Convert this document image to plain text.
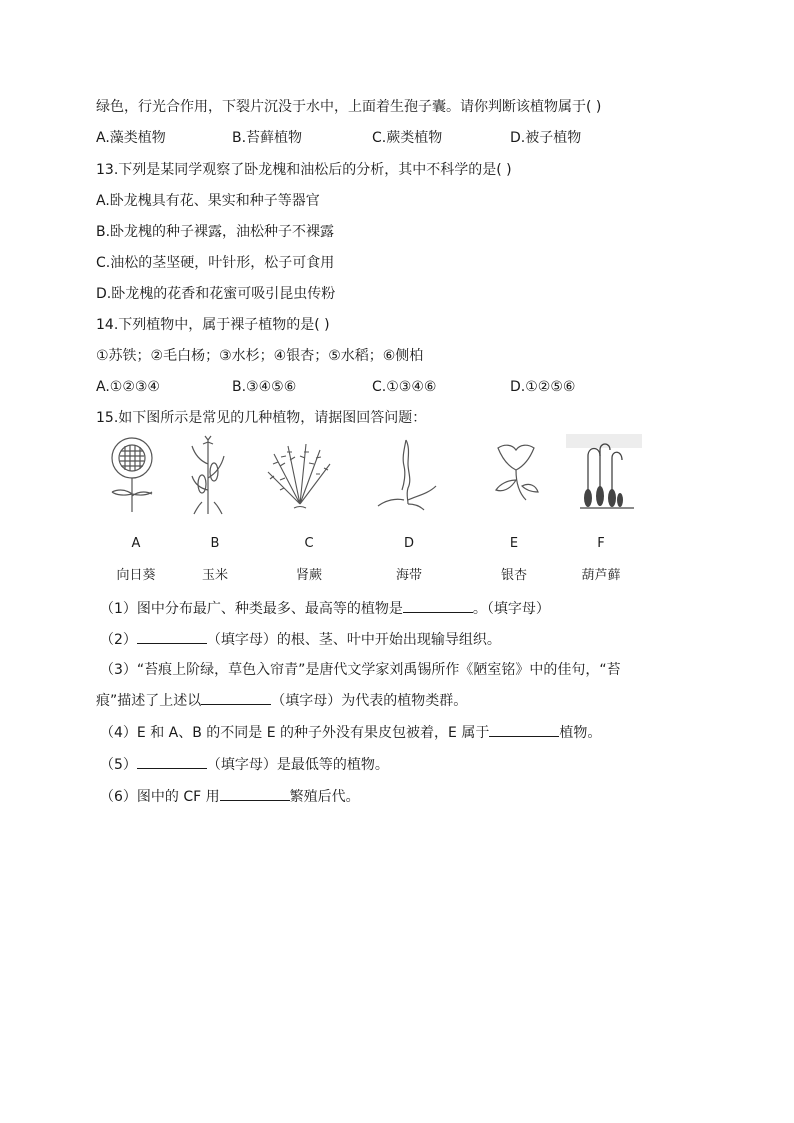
绿色，行光合作用，下裂片沉没于水中，上面着生孢子囊。请你判断该植物属于( )
A.藻类植物	B.苔藓植物	C.蕨类植物	D.被子植物
13.下列是某同学观察了卧龙槐和油松后的分析，其中不科学的是( )
A.卧龙槐具有花、果实和种子等器官
B.卧龙槐的种子裸露，油松种子不裸露
C.油松的茎坚硬，叶针形，松子可食用
D.卧龙槐的花香和花蜜可吸引昆虫传粉
14.下列植物中，属于裸子植物的是( )
①苏铁；②毛白杨；③水杉；④银杏；⑤水稻；⑥侧柏
A.①②③④	B.③④⑤⑥	C.①③④⑥	D.①②⑤⑥
15.如下图所示是常见的几种植物，请据图回答问题：
A	B	C	D	E	F
向日葵	玉米	肾蕨	海带	银杏	葫芦藓
（1）图中分布最广、种类最多、最高等的植物是	。（填字母）
（2）	（填字母）的根、茎、叶中开始出现输导组织。
（3）“苔痕上阶绿，草色入帘青”是唐代文学家刘禹锡所作《陋室铭》中的佳句，“苔
痕”描述了上述以	（填字母）为代表的植物类群。
（4）E 和 A、B 的不同是 E 的种子外没有果皮包被着，E 属于	植物。
（5）	（填字母）是最低等的植物。
（6）图中的 CF 用	繁殖后代。
